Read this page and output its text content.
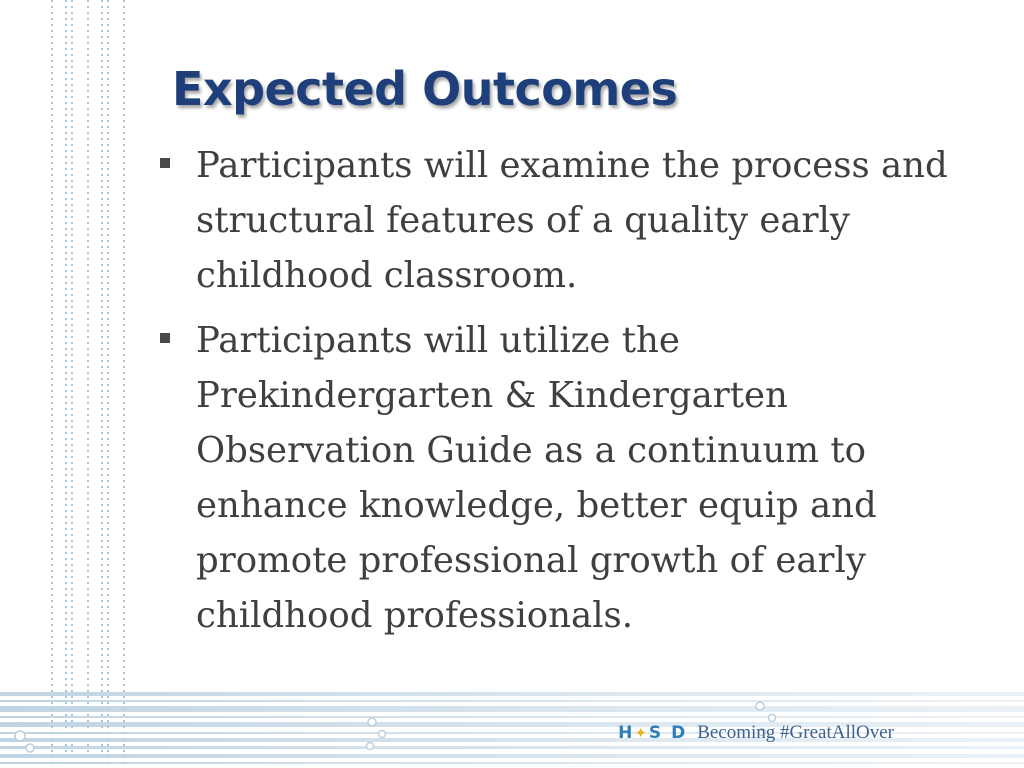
Expected Outcomes
Participants will examine the process and structural features of a quality early childhood classroom.
Participants will utilize the Prekindergarten & Kindergarten Observation Guide as a continuum to enhance knowledge, better equip and promote professional growth of early childhood professionals.
H✦S D Becoming #GreatAllOver
